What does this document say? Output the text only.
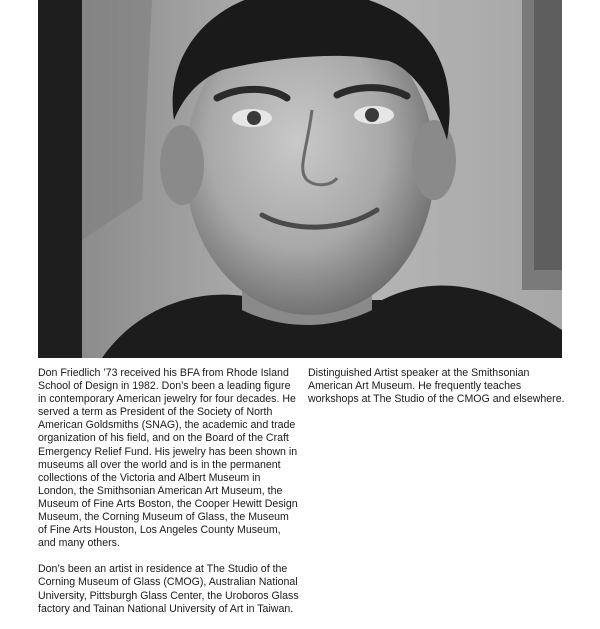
Don Friedlich ’73 received his BFA from Rhode Island School of Design in 1982. Don’s been a leading figure in contemporary American jewelry for four decades. He served a term as President of the Society of North American Goldsmiths (SNAG), the academic and trade organization of his field, and on the Board of the Craft Emergency Relief Fund. His jewelry has been shown in museums all over the world and is in the permanent collections of the Victoria and Albert Museum in London, the Smithsonian American Art Museum, the Museum of Fine Arts Boston, the Cooper Hewitt Design Museum, the Corning Museum of Glass, the Museum of Fine Arts Houston, Los Angeles County Museum, and many others.

Don’s been an artist in residence at The Studio of the Corning Museum of Glass (CMOG), Australian National University, Pittsburgh Glass Center, the Uroboros Glass factory and Tainan National University of Art in Taiwan.

Distinguished Artist speaker at the Smithsonian American Art Museum. He frequently teaches workshops at The Studio of the CMOG and elsewhere.
